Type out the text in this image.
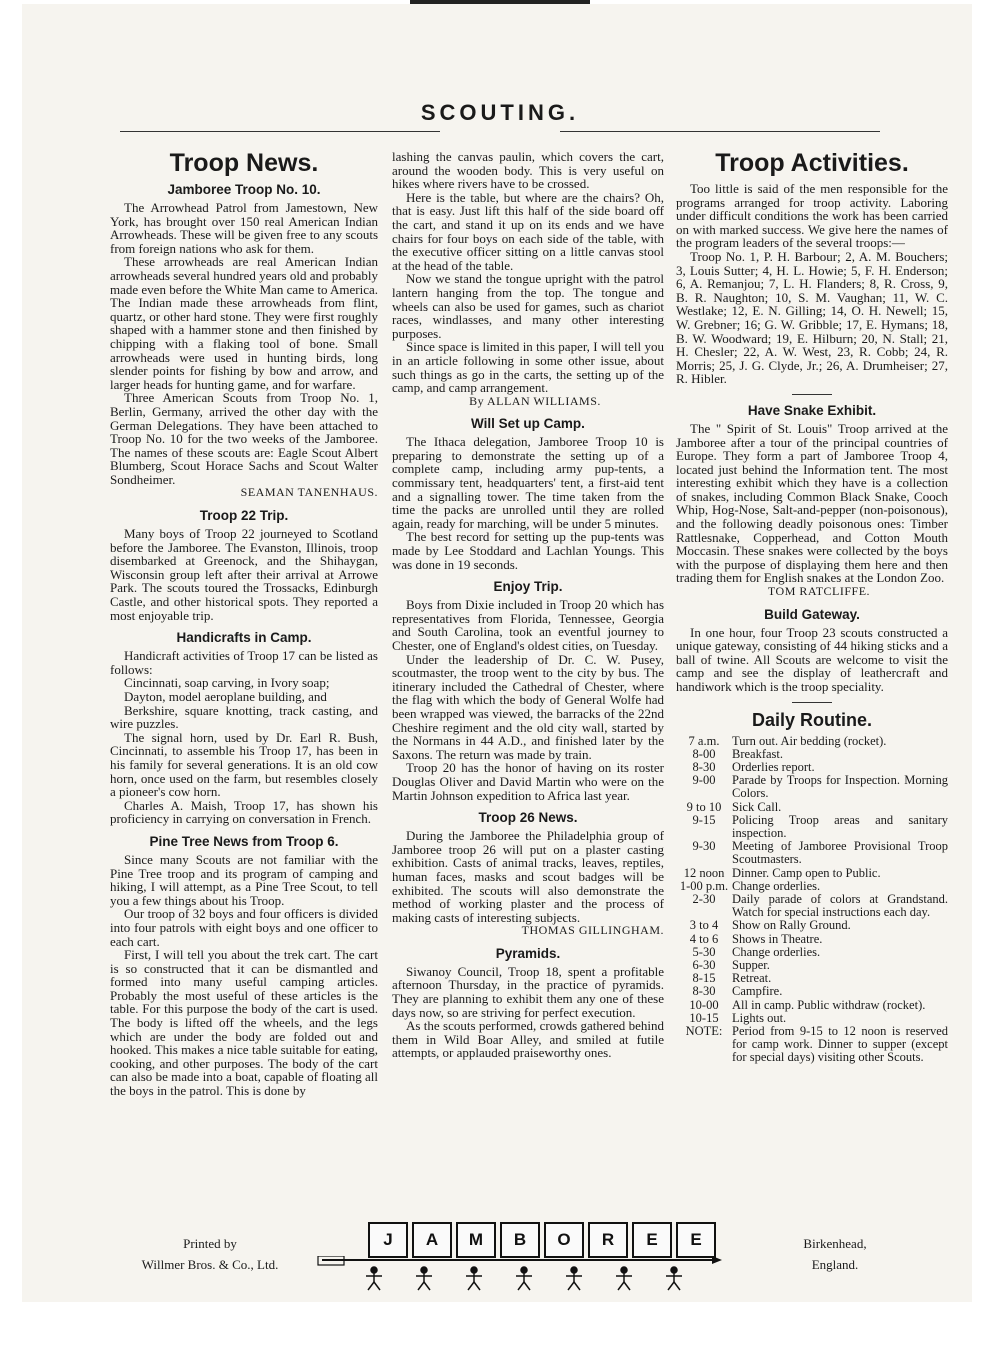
SCOUTING.
Troop News.
Jamboree Troop No. 10.

The Arrowhead Patrol from Jamestown, New York, has brought over 150 real American Indian Arrowheads. These will be given free to any scouts from foreign nations who ask for them.

These arrowheads are real American Indian arrowheads several hundred years old and probably made even before the White Man came to America. The Indian made these arrowheads from flint, quartz, or other hard stone. They were first roughly shaped with a hammer stone and then finished by chipping with a flaking tool of bone. Small arrowheads were used in hunting birds, long slender points for fishing by bow and arrow, and larger heads for hunting game, and for warfare.

Three American Scouts from Troop No. 1, Berlin, Germany, arrived the other day with the German Delegations. They have been attached to Troop No. 10 for the two weeks of the Jamboree. The names of these scouts are: Eagle Scout Albert Blumberg, Scout Horace Sachs and Scout Walter Sondheimer.

SEAMAN TANENHAUS.

Troop 22 Trip.

Many boys of Troop 22 journeyed to Scotland before the Jamboree. The Evanston, Illinois, troop disembarked at Greenock, and the Shihaygan, Wisconsin group left after their arrival at Arrowe Park. The scouts toured the Trossacks, Edinburgh Castle, and other historical spots. They reported a most enjoyable trip.

Handicrafts in Camp.

Handicraft activities of Troop 17 can be listed as follows:

Cincinnati, soap carving, in Ivory soap;

Dayton, model aeroplane building, and

Berkshire, square knotting, track casting, and wire puzzles.

The signal horn, used by Dr. Earl R. Bush, Cincinnati, to assemble his Troop 17, has been in his family for several generations. It is an old cow horn, once used on the farm, but resembles closely a pioneer's cow horn.

Charles A. Maish, Troop 17, has shown his proficiency in carrying on conversation in French.

Pine Tree News from Troop 6.

Since many Scouts are not familiar with the Pine Tree troop and its program of camping and hiking, I will attempt, as a Pine Tree Scout, to tell you a few things about his Troop.

Our troop of 32 boys and four officers is divided into four patrols with eight boys and one officer to each cart.

First, I will tell you about the trek cart. The cart is so constructed that it can be dismantled and formed into many useful camping articles. Probably the most useful of these articles is the table. For this purpose the body of the cart is used. The body is lifted off the wheels, and the legs which are under the body are folded out and hooked. This makes a nice table suitable for eating, cooking, and other purposes. The body of the cart can also be made into a boat, capable of floating all the boys in the patrol. This is done by

lashing the canvas paulin, which covers the cart, around the wooden body. This is very useful on hikes where rivers have to be crossed.

Here is the table, but where are the chairs? Oh, that is easy. Just lift this half of the side board off the cart, and stand it up on its ends and we have chairs for four boys on each side of the table, with the executive officer sitting on a little canvas stool at the head of the table.

Now we stand the tongue upright with the patrol lantern hanging from the top. The tongue and wheels can also be used for games, such as chariot races, windlasses, and many other interesting purposes.

Since space is limited in this paper, I will tell you in an article following in some other issue, about such things as go in the carts, the setting up of the camp, and camp arrangement.

By ALLAN WILLIAMS.

Will Set up Camp.

The Ithaca delegation, Jamboree Troop 10 is preparing to demonstrate the setting up of a complete camp, including army pup-tents, a commissary tent, headquarters' tent, a first-aid tent and a signalling tower. The time taken from the time the packs are unrolled until they are rolled again, ready for marching, will be under 5 minutes.

The best record for setting up the pup-tents was made by Lee Stoddard and Lachlan Youngs. This was done in 19 seconds.

Enjoy Trip.

Boys from Dixie included in Troop 20 which has representatives from Florida, Tennessee, Georgia and South Carolina, took an eventful journey to Chester, one of England's oldest cities, on Tuesday.

Under the leadership of Dr. C. W. Pusey, scoutmaster, the troop went to the city by bus. The itinerary included the Cathedral of Chester, where the flag with which the body of General Wolfe had been wrapped was viewed, the barracks of the 22nd Cheshire regiment and the old city wall, started by the Normans in 44 A.D., and finished later by the Saxons. The return was made by train.

Troop 20 has the honor of having on its roster Douglas Oliver and David Martin who were on the Martin Johnson expedition to Africa last year.

Troop 26 News.

During the Jamboree the Philadelphia group of Jamboree troop 26 will put on a plaster casting exhibition. Casts of animal tracks, leaves, reptiles, human faces, masks and scout badges will be exhibited. The scouts will also demonstrate the method of working plaster and the process of making casts of interesting subjects.

THOMAS GILLINGHAM.

Pyramids.

Siwanoy Council, Troop 18, spent a profitable afternoon Thursday, in the practice of pyramids. They are planning to exhibit them any one of these days now, so are striving for perfect execution.

As the scouts performed, crowds gathered behind them in Wild Boar Alley, and smiled at futile attempts, or applauded praiseworthy ones.

Troop Activities.

Too little is said of the men responsible for the programs arranged for troop activity. Laboring under difficult conditions the work has been carried on with marked success. We give here the names of the program leaders of the several troops:—

Troop No. 1, P. H. Barbour; 2, A. M. Bouchers; 3, Louis Sutter; 4, H. L. Howie; 5, F. H. Enderson; 6, A. Remanjou; 7, L. H. Flanders; 8, R. Cross, 9, B. R. Naughton; 10, S. M. Vaughan; 11, W. C. Westlake; 12, E. N. Gilling; 14, O. H. Newell; 15, W. Grebner; 16; G. W. Gribble; 17, E. Hymans; 18, B. W. Woodward; 19, E. Hilburn; 20, N. Stall; 21, H. Chesler; 22, A. W. West, 23, R. Cobb; 24, R. Morris; 25, J. G. Clyde, Jr.; 26, A. Drumheiser; 27, R. Hibler.

Have Snake Exhibit.

The " Spirit of St. Louis" Troop arrived at the Jamboree after a tour of the principal countries of Europe. They form a part of Jamboree Troop 4, located just behind the Information tent. The most interesting exhibit which they have is a collection of snakes, including Common Black Snake, Cooch Whip, Hog-Nose, Salt-and-pepper (non-poisonous), and the following deadly poisonous ones: Timber Rattlesnake, Copperhead, and Cotton Mouth Moccasin. These snakes were collected by the boys with the purpose of displaying them here and then trading them for English snakes at the London Zoo.

TOM RATCLIFFE.

Build Gateway.

In one hour, four Troop 23 scouts constructed a unique gateway, consisting of 44 hiking sticks and a ball of twine. All Scouts are welcome to visit the camp and see the display of leathercraft and handiwork which is the troop speciality.

Daily Routine.
7 a.m.	Turn out. Air bedding (rocket).
8-00	Breakfast.
8-30	Orderlies report.
9-00	Parade by Troops for Inspection. Morning Colors.
9 to 10	Sick Call.
9-15	Policing Troop areas and sanitary inspection.
9-30	Meeting of Jamboree Provisional Troop Scoutmasters.
12 noon	Dinner. Camp open to Public.
1-00 p.m.	Change orderlies.
2-30	Daily parade of colors at Grandstand. Watch for special instructions each day.
3 to 4	Show on Rally Ground.
4 to 6	Shows in Theatre.
5-30	Change orderlies.
6-30	Supper.
8-15	Retreat.
8-30	Campfire.
10-00	All in camp. Public withdraw (rocket).
10-15	Lights out.
NOTE:	Period from 9-15 to 12 noon is reserved for camp work. Dinner to supper (except for special days) visiting other Scouts.
Printed by
Willmer Bros. & Co., Ltd.
J	A	M	B	O	R	E	E	Birkenhead,
England.
